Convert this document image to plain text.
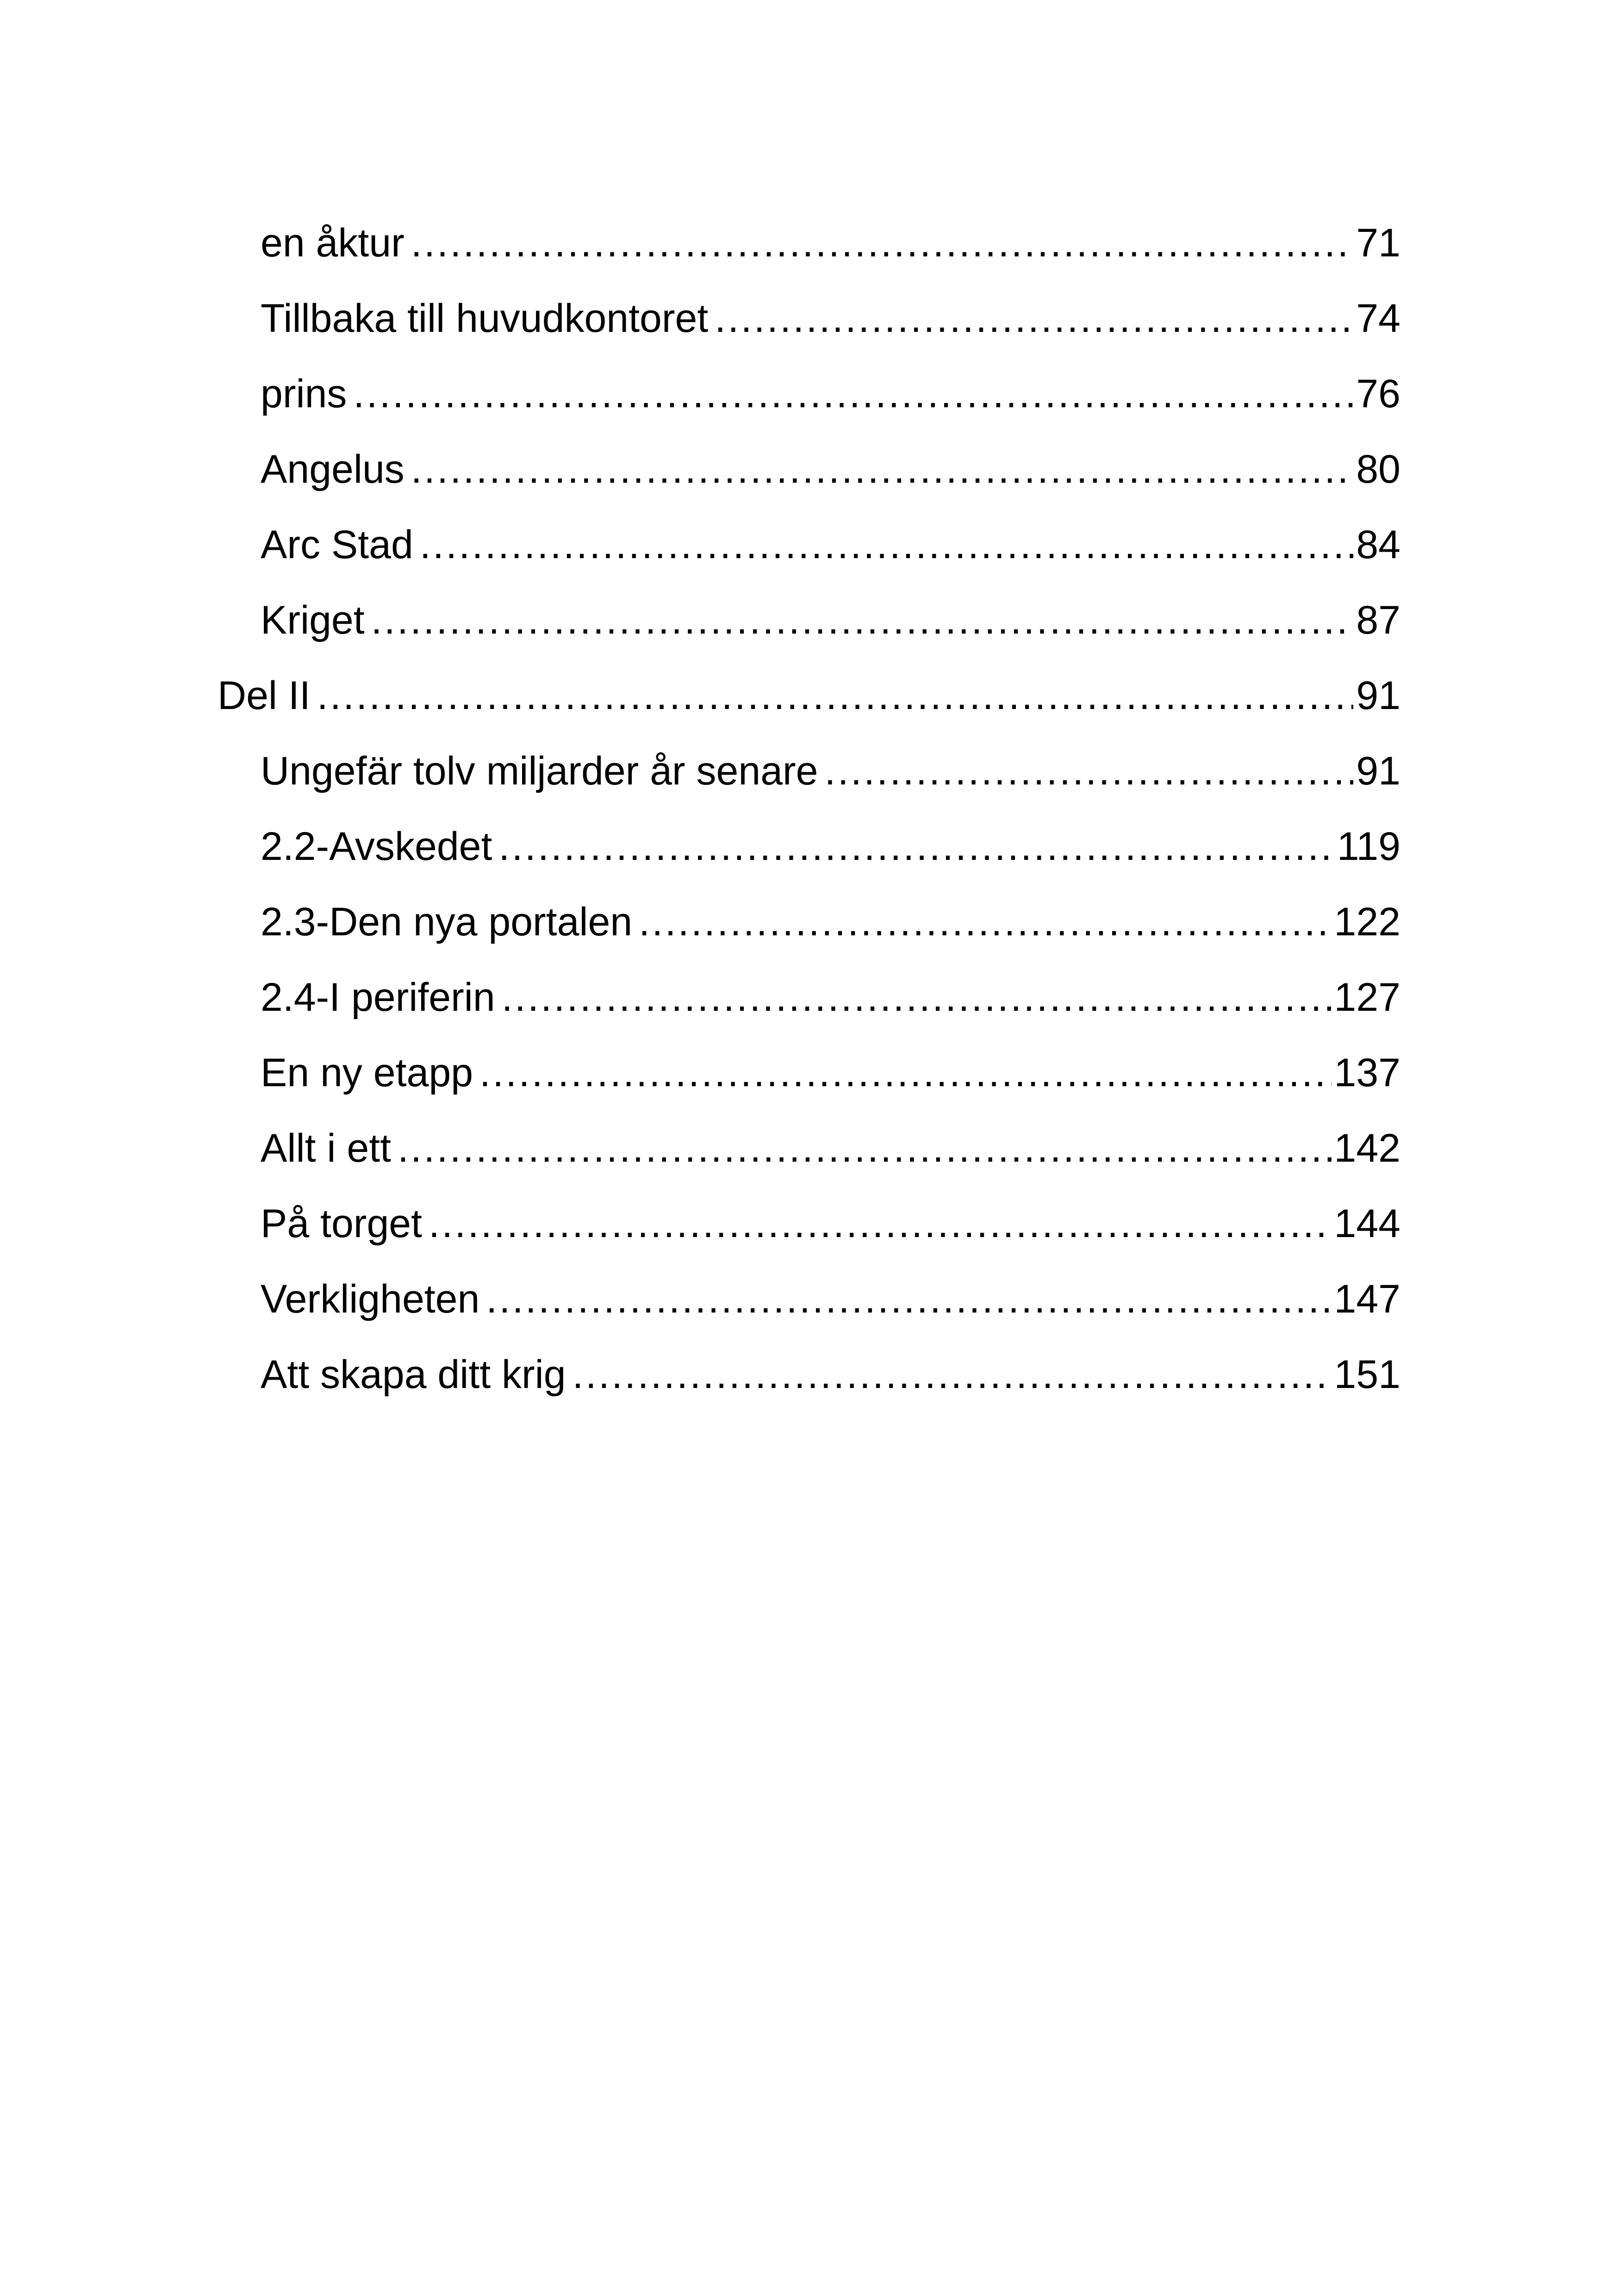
en åktur .....	71
Tillbaka till huvudkontoret .....	74
prins .....	76
Angelus .....	80
Arc Stad .....	84
Kriget .....	87
Del II .....	91
Ungefär tolv miljarder år senare .....	91
2.2-Avskedet .....	119
2.3-Den nya portalen .....	122
2.4-I periferin .....	127
En ny etapp .....	137
Allt i ett .....	142
På torget .....	144
Verkligheten .....	147
Att skapa ditt krig .....	151
